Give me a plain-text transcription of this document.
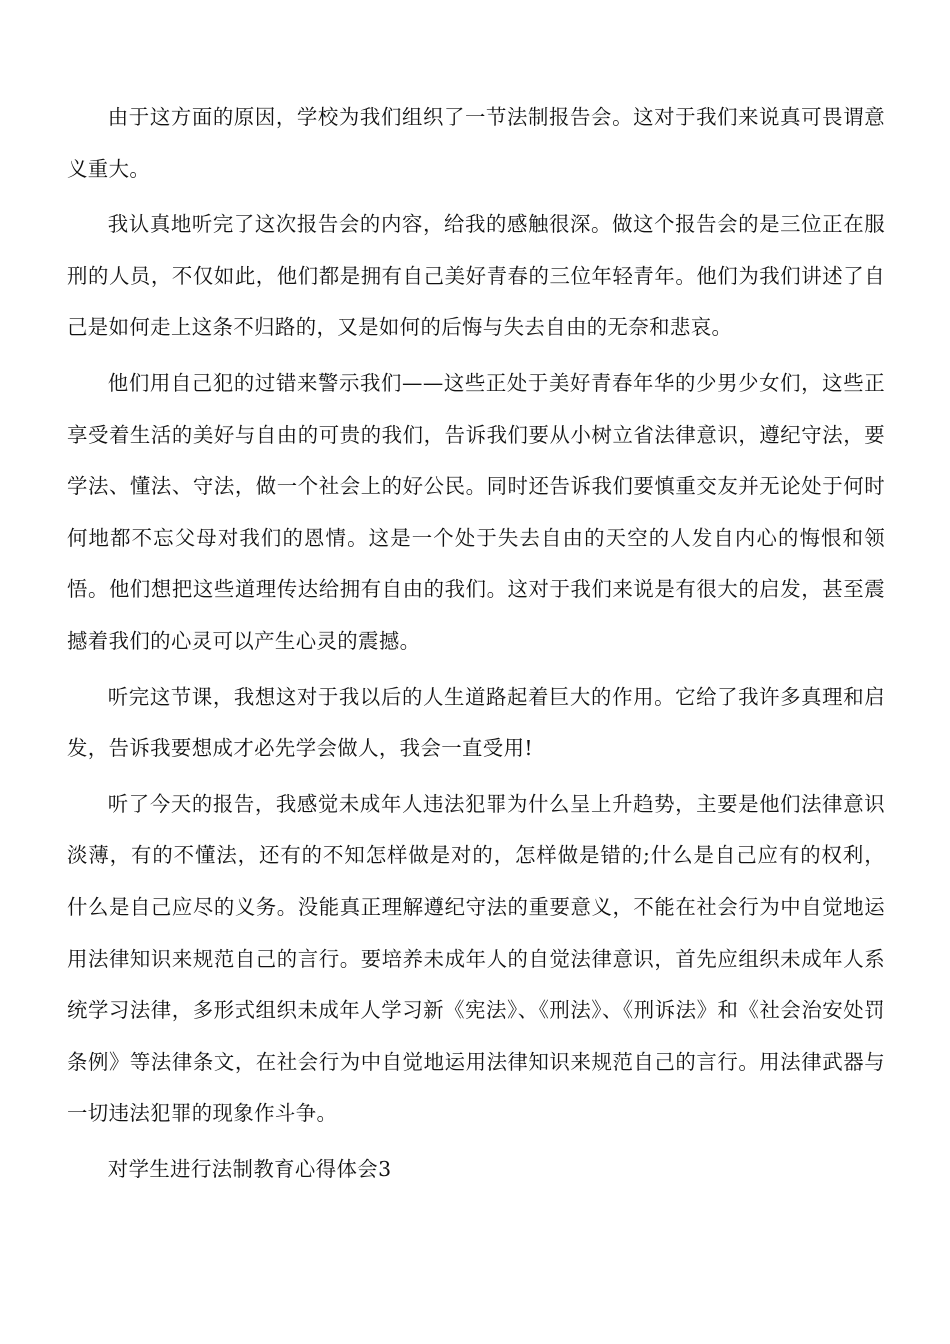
由于这方面的原因，学校为我们组织了一节法制报告会。这对于我们来说真可畏谓意义重大。

我认真地听完了这次报告会的内容，给我的感触很深。做这个报告会的是三位正在服刑的人员，不仅如此，他们都是拥有自己美好青春的三位年轻青年。他们为我们讲述了自己是如何走上这条不归路的，又是如何的后悔与失去自由的无奈和悲哀。

他们用自己犯的过错来警示我们——这些正处于美好青春年华的少男少女们，这些正享受着生活的美好与自由的可贵的我们，告诉我们要从小树立省法律意识，遵纪守法，要学法、懂法、守法，做一个社会上的好公民。同时还告诉我们要慎重交友并无论处于何时何地都不忘父母对我们的恩情。这是一个处于失去自由的天空的人发自内心的悔恨和领悟。他们想把这些道理传达给拥有自由的我们。这对于我们来说是有很大的启发，甚至震撼着我们的心灵可以产生心灵的震撼。

听完这节课，我想这对于我以后的人生道路起着巨大的作用。它给了我许多真理和启发，告诉我要想成才必先学会做人，我会一直受用!

听了今天的报告，我感觉未成年人违法犯罪为什么呈上升趋势，主要是他们法律意识淡薄，有的不懂法，还有的不知怎样做是对的，怎样做是错的;什么是自己应有的权利，什么是自己应尽的义务。没能真正理解遵纪守法的重要意义，不能在社会行为中自觉地运用法律知识来规范自己的言行。要培养未成年人的自觉法律意识，首先应组织未成年人系统学习法律，多形式组织未成年人学习新《宪法》、《刑法》、《刑诉法》和《社会治安处罚条例》等法律条文，在社会行为中自觉地运用法律知识来规范自己的言行。用法律武器与一切违法犯罪的现象作斗争。

对学生进行法制教育心得体会3
